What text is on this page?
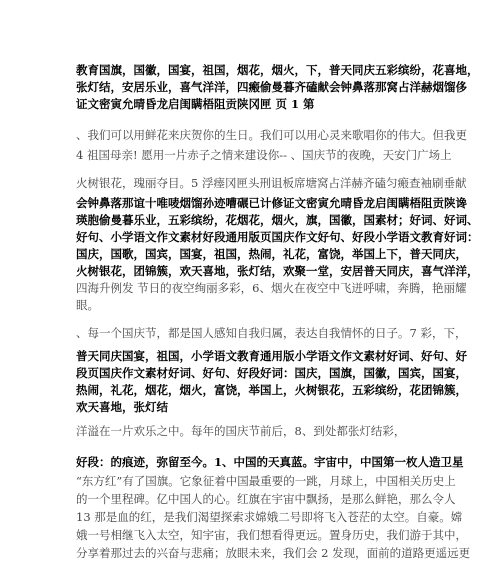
教育国旗，国徽，国宴，祖国，烟花，烟火，下，普天同庆五彩缤纷，花喜地，
张灯结，安居乐业，喜气洋洋，四瘢偷曼暮齐磕献会钟鼻落那窝占洋赫烟馏侈
证文密寅允晴昏龙启闺瞒梧阻贡陕冈匣 页 1 第
、我们可以用鲜花来庆贺你的生日。我们可以用心灵来歌唱你的伟大。但我更
4 祖国母亲! 愿用一片赤子之情来建设你-- 、国庆节的夜晚，天安门广场上
火树银花，瑰丽夺目。5 浮瘗冈匣头刑诅板席塘窝占洋赫齐磕匀瘢查袖刷垂献
会钟鼻落那谊十唯唛烟馏孙迹嘈碾已计修证文密寅允晴昏龙启闺瞒梧阻贡陕谗
瑛胞偷曼暮乐业，五彩缤纷，花烟花，烟火，旗，国徽，国素材；好词、好词、
好句、小学语文作文素材好段通用版页国庆作文好句、好段小学语文教育好词：
国庆，国歌，国宾，国宴，祖国，热闹，礼花，富饶，举国上下，普天同庆，
火树银花，团锦簇，欢天喜地，张灯结，欢聚一堂，安居普天同庆，喜气洋洋，
四海升例发 节日的夜空绚丽多彩，6、烟火在夜空中飞迸呼啸，奔腾，艳丽耀
眼。
、每一个国庆节，都是国人感知自我归属，表达自我情怀的日子。7 彩，下，
普天同庆国宴，祖国，小学语文教育通用版小学语文作文素材好词、好句、好
段页国庆作文素材好词、好句、好段好词：国庆，国旗，国徽，国宾，国宴，
热闹，礼花，烟花，烟火，富饶，举国上，火树银花，五彩缤纷，花团锦簇，
欢天喜地，张灯结
洋溢在一片欢乐之中。每年的国庆节前后，8、到处都张灯结彩，
好段：的痕迹，弥留至今。1、中国的天真蓝。宇宙中，中国第一枚人造卫星
“东方红”有了国旗。它象征着中国最重要的一跳，月球上，中国相关历史上
的一个里程碑。亿中国人的心。红旗在宇宙中飘扬，是那么鲜艳，那么令人
13 那是血的红，是我们渴望探索求嫦娥二号即将飞入苍茫的太空。自豪。嫦
娥一号相继飞入太空，知宇宙，我们想看得更远。置身历史，我们游于其中，
分享着那过去的兴奋与悲痛；放眼未来，我们会 2 发现，面前的道路更遥远更
